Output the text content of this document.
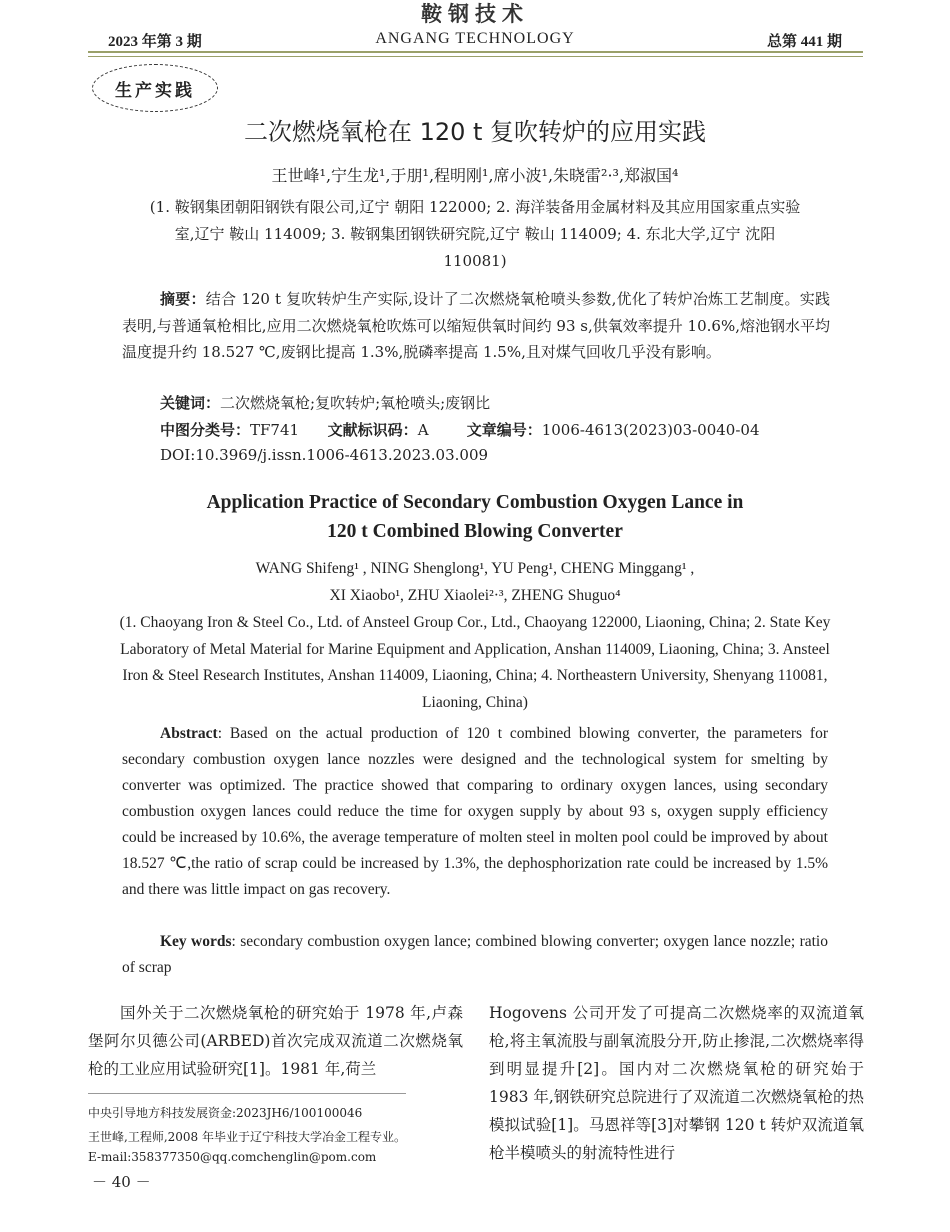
鞍钢技术
2023 年第 3 期	ANGANG TECHNOLOGY	总第 441 期
生产实践
二次燃烧氧枪在 120 t 复吹转炉的应用实践
王世峰¹,宁生龙¹,于朋¹,程明刚¹,席小波¹,朱晓雷²·³,郑淑国⁴
(1. 鞍钢集团朝阳钢铁有限公司,辽宁 朝阳 122000; 2. 海洋装备用金属材料及其应用国家重点实验室,辽宁 鞍山 114009; 3. 鞍钢集团钢铁研究院,辽宁 鞍山 114009; 4. 东北大学,辽宁 沈阳 110081)
摘要：结合 120 t 复吹转炉生产实际,设计了二次燃烧氧枪喷头参数,优化了转炉冶炼工艺制度。实践表明,与普通氧枪相比,应用二次燃烧氧枪吹炼可以缩短供氧时间约 93 s,供氧效率提升 10.6%,熔池钢水平均温度提升约 18.527 ℃,废钢比提高 1.3%,脱磷率提高 1.5%,且对煤气回收几乎没有影响。
关键词：二次燃烧氧枪;复吹转炉;氧枪喷头;废钢比
中图分类号：TF741 文献标识码：A	文章编号：1006-4613(2023)03-0040-04
DOI:10.3969/j.issn.1006-4613.2023.03.009
Application Practice of Secondary Combustion Oxygen Lance in
120 t Combined Blowing Converter
WANG Shifeng¹ , NING Shenglong¹, YU Peng¹, CHENG Minggang¹ ,
XI Xiaobo¹, ZHU Xiaolei²·³, ZHENG Shuguo⁴
(1. Chaoyang Iron & Steel Co., Ltd. of Ansteel Group Cor., Ltd., Chaoyang 122000, Liaoning, China; 2. State Key Laboratory of Metal Material for Marine Equipment and Application, Anshan 114009, Liaoning, China; 3. Ansteel Iron & Steel Research Institutes, Anshan 114009, Liaoning, China; 4. Northeastern University, Shenyang 110081, Liaoning, China)
Abstract: Based on the actual production of 120 t combined blowing converter, the parameters for secondary combustion oxygen lance nozzles were designed and the technological system for smelting by converter was optimized. The practice showed that comparing to ordinary oxygen lances, using secondary combustion oxygen lances could reduce the time for oxygen supply by about 93 s, oxygen supply efficiency could be increased by 10.6%, the average temperature of molten steel in molten pool could be improved by about 18.527 ℃,the ratio of scrap could be increased by 1.3%, the dephosphorization rate could be increased by 1.5% and there was little impact on gas recovery.
Key words: secondary combustion oxygen lance; combined blowing converter; oxygen lance nozzle; ratio of scrap
国外关于二次燃烧氧枪的研究始于 1978 年,卢森堡阿尔贝德公司(ARBED)首次完成双流道二次燃烧氧枪的工业应用试验研究[1]。1981 年,荷兰
Hogovens 公司开发了可提高二次燃烧率的双流道氧枪,将主氧流股与副氧流股分开,防止掺混,二次燃烧率得到明显提升[2]。国内对二次燃烧氧枪的研究始于 1983 年,钢铁研究总院进行了双流道二次燃烧氧枪的热模拟试验[1]。马恩祥等[3]对攀钢 120 t 转炉双流道氧枪半模喷头的射流特性进行
中央引导地方科技发展资金:2023JH6/100100046
王世峰,工程师,2008 年毕业于辽宁科技大学冶金工程专业。
E-mail:358377350@qq.comchenglin@pom.com
－ 40 －
